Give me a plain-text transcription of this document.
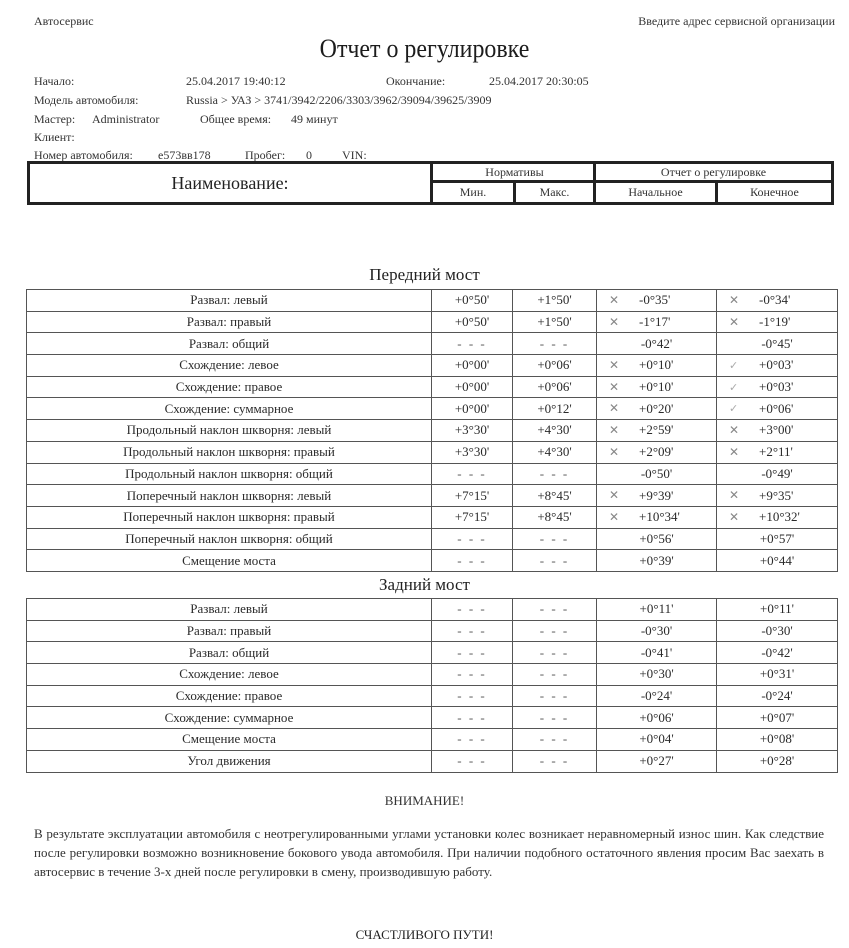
Автосервис	Введите адрес сервисной организации
Отчет о регулировке
Начало:	25.04.2017 19:40:12	Окончание:	25.04.2017 20:30:05
Модель автомобиля:	Russia > УАЗ > 3741/3942/2206/3303/3962/39094/39625/3909
Мастер: Administrator	Общее время: 49 минут
Клиент:
Номер автомобиля: е573вв178	Пробег: 0	VIN:
Наименование:
Нормативы	Отчет о регулировке
Мин.	Макс.	Начальное	Конечное
Передний мост
Развал: левый	+0°50'	+1°50'	✕ -0°35'	✕ -0°34'

Развал: правый	+0°50'	+1°50'	✕ -1°17'	✕ -1°19'

Развал: общий	- - -	- - -	-0°42'	-0°45'

Схождение: левое	+0°00'	+0°06'	✕ +0°10'	✓ +0°03'

Схождение: правое	+0°00'	+0°06'	✕ +0°10'	✓ +0°03'

Схождение: суммарное	+0°00'	+0°12'	✕ +0°20'	✓ +0°06'

Продольный наклон шкворня: левый	+3°30'	+4°30'	✕ +2°59'	✕ +3°00'

Продольный наклон шкворня: правый	+3°30'	+4°30'	✕ +2°09'	✕ +2°11'

Продольный наклон шкворня: общий	- - -	- - -	-0°50'	-0°49'

Поперечный наклон шкворня: левый	+7°15'	+8°45'	✕ +9°39'	✕ +9°35'

Поперечный наклон шкворня: правый	+7°15'	+8°45'	✕ +10°34'	✕ +10°32'

Поперечный наклон шкворня: общий	- - -	- - -	+0°56'	+0°57'

Смещение моста	- - -	- - -	+0°39'	+0°44'
Задний мост
Развал: левый	- - -	- - -	+0°11'	+0°11'

Развал: правый	- - -	- - -	-0°30'	-0°30'

Развал: общий	- - -	- - -	-0°41'	-0°42'

Схождение: левое	- - -	- - -	+0°30'	+0°31'

Схождение: правое	- - -	- - -	-0°24'	-0°24'

Схождение: суммарное	- - -	- - -	+0°06'	+0°07'

Смещение моста	- - -	- - -	+0°04'	+0°08'

Угол движения	- - -	- - -	+0°27'	+0°28'
ВНИМАНИЕ!
В результате эксплуатации автомобиля с неотрегулированными углами установки колес возникает неравномерный износ шин. Как следствие после регулировки возможно возникновение бокового увода автомобиля. При наличии подобного остаточного явления просим Вас заехать в автосервис в течение 3-х дней после регулировки в смену, производившую работу.
СЧАСТЛИВОГО ПУТИ!
